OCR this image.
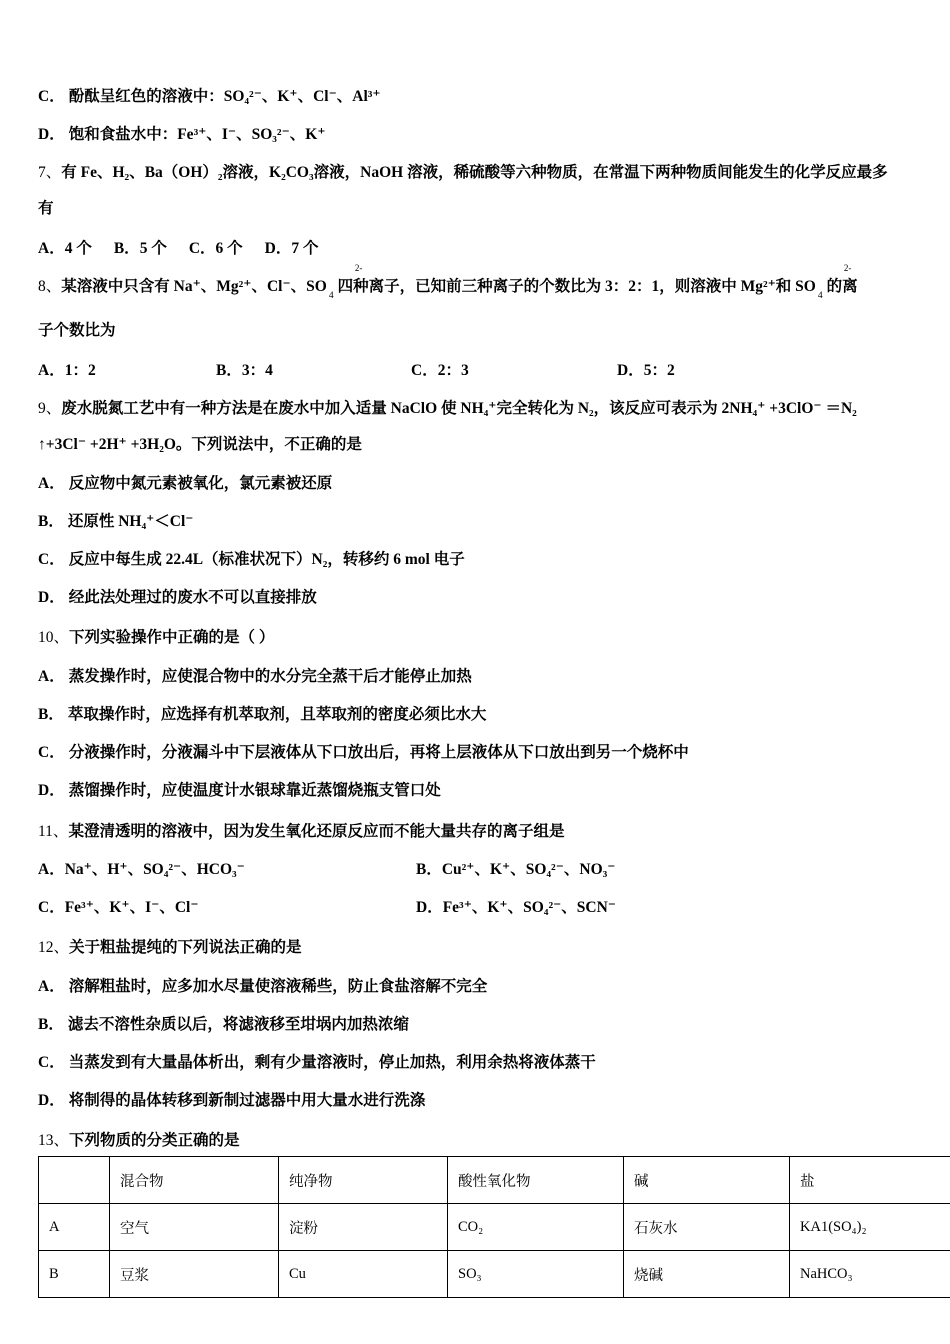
C． 酚酞呈红色的溶液中：SO₄²⁻、K⁺、Cl⁻、Al³⁺
D． 饱和食盐水中：Fe³⁺、I⁻、SO₃²⁻、K⁺
7、有 Fe、H₂、Ba（OH）₂溶液，K₂CO₃溶液，NaOH 溶液，稀硫酸等六种物质，在常温下两种物质间能发生的化学反应最多
有
A．4 个 B．5 个 C．6 个 D．7 个
8、某溶液中只含有 Na⁺、Mg²⁺、Cl⁻、$SO_4$
2-
四种离子，已知前三种离子的个数比为 3：2：1，则溶液中 Mg²⁺和 $SO_4$
2-
的离
子个数比为
A．1：2	B．3：4	C．2：3	D．5：2
9、废水脱氮工艺中有一种方法是在废水中加入适量 NaClO 使 NH₄⁺完全转化为 N₂，该反应可表示为 2NH₄⁺ +3ClO⁻ ＝N₂
↑+3Cl⁻ +2H⁺ +3H₂O。下列说法中，不正确的是
A． 反应物中氮元素被氧化，氯元素被还原
B． 还原性 NH₄⁺＜Cl⁻
C． 反应中每生成 22.4L（标准状况下）N₂，转移约 6 mol 电子
D． 经此法处理过的废水不可以直接排放
10、下列实验操作中正确的是（ ）
A． 蒸发操作时，应使混合物中的水分完全蒸干后才能停止加热
B． 萃取操作时，应选择有机萃取剂，且萃取剂的密度必须比水大
C． 分液操作时，分液漏斗中下层液体从下口放出后，再将上层液体从下口放出到另一个烧杯中
D． 蒸馏操作时，应使温度计水银球靠近蒸馏烧瓶支管口处
11、某澄清透明的溶液中，因为发生氧化还原反应而不能大量共存的离子组是
A．Na⁺、H⁺、SO₄²⁻、HCO₃⁻	B．Cu²⁺、K⁺、SO₄²⁻、NO₃⁻
C．Fe³⁺、K⁺、I⁻、Cl⁻	D．Fe³⁺、K⁺、SO₄²⁻、SCN⁻
12、关于粗盐提纯的下列说法正确的是
A． 溶解粗盐时，应多加水尽量使溶液稀些，防止食盐溶解不完全
B． 滤去不溶性杂质以后，将滤液移至坩埚内加热浓缩
C． 当蒸发到有大量晶体析出，剩有少量溶液时，停止加热，利用余热将液体蒸干
D． 将制得的晶体转移到新制过滤器中用大量水进行洗涤
13、下列物质的分类正确的是
	混合物	纯净物	酸性氧化物	碱	盐
A	空气	淀粉	CO₂	石灰水	KA1(SO₄)₂
B	豆浆	Cu	SO₃	烧碱	NaHCO₃
